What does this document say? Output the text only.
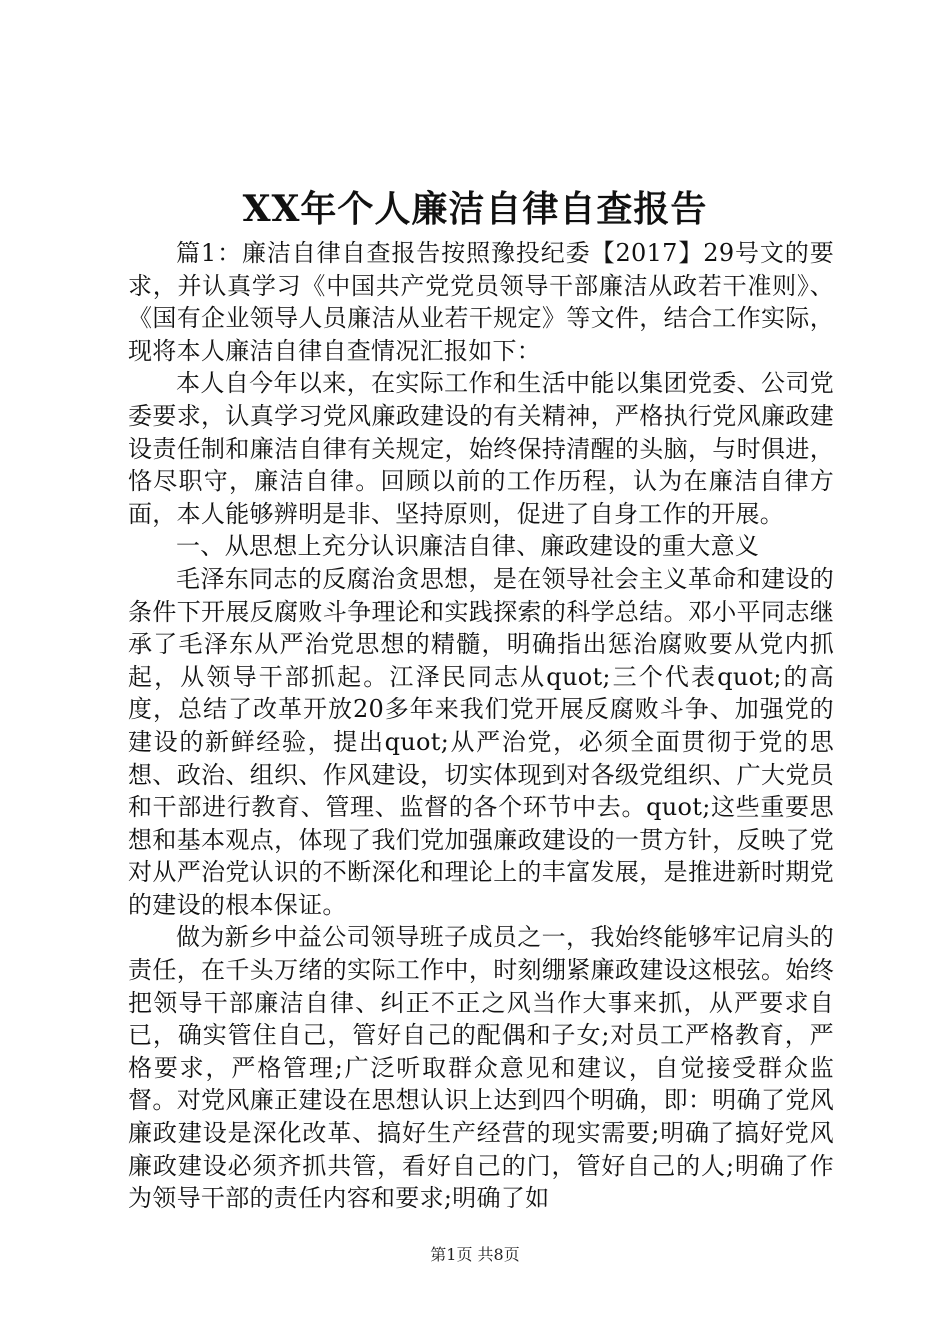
XX年个人廉洁自律自查报告

篇1：廉洁自律自查报告按照豫投纪委【2017】29号文的要求，并认真学习《中国共产党党员领导干部廉洁从政若干准则》、《国有企业领导人员廉洁从业若干规定》等文件，结合工作实际，现将本人廉洁自律自查情况汇报如下：

本人自今年以来，在实际工作和生活中能以集团党委、公司党委要求，认真学习党风廉政建设的有关精神，严格执行党风廉政建设责任制和廉洁自律有关规定，始终保持清醒的头脑，与时俱进，恪尽职守，廉洁自律。回顾以前的工作历程，认为在廉洁自律方面，本人能够辨明是非、坚持原则，促进了自身工作的开展。

一、从思想上充分认识廉洁自律、廉政建设的重大意义

毛泽东同志的反腐治贪思想，是在领导社会主义革命和建设的条件下开展反腐败斗争理论和实践探索的科学总结。邓小平同志继承了毛泽东从严治党思想的精髓，明确指出惩治腐败要从党内抓起，从领导干部抓起。江泽民同志从quot;三个代表quot;的高度，总结了改革开放20多年来我们党开展反腐败斗争、加强党的建设的新鲜经验，提出quot;从严治党，必须全面贯彻于党的思想、政治、组织、作风建设，切实体现到对各级党组织、广大党员和干部进行教育、管理、监督的各个环节中去。quot;这些重要思想和基本观点，体现了我们党加强廉政建设的一贯方针，反映了党对从严治党认识的不断深化和理论上的丰富发展，是推进新时期党的建设的根本保证。

做为新乡中益公司领导班子成员之一，我始终能够牢记肩头的责任，在千头万绪的实际工作中，时刻绷紧廉政建设这根弦。始终把领导干部廉洁自律、纠正不正之风当作大事来抓，从严要求自已，确实管住自己，管好自己的配偶和子女;对员工严格教育，严格要求，严格管理;广泛听取群众意见和建议，自觉接受群众监督。对党风廉正建设在思想认识上达到四个明确，即：明确了党风廉政建设是深化改革、搞好生产经营的现实需要;明确了搞好党风廉政建设必须齐抓共管，看好自己的门，管好自己的人;明确了作为领导干部的责任内容和要求;明确了如

第1页 共8页
